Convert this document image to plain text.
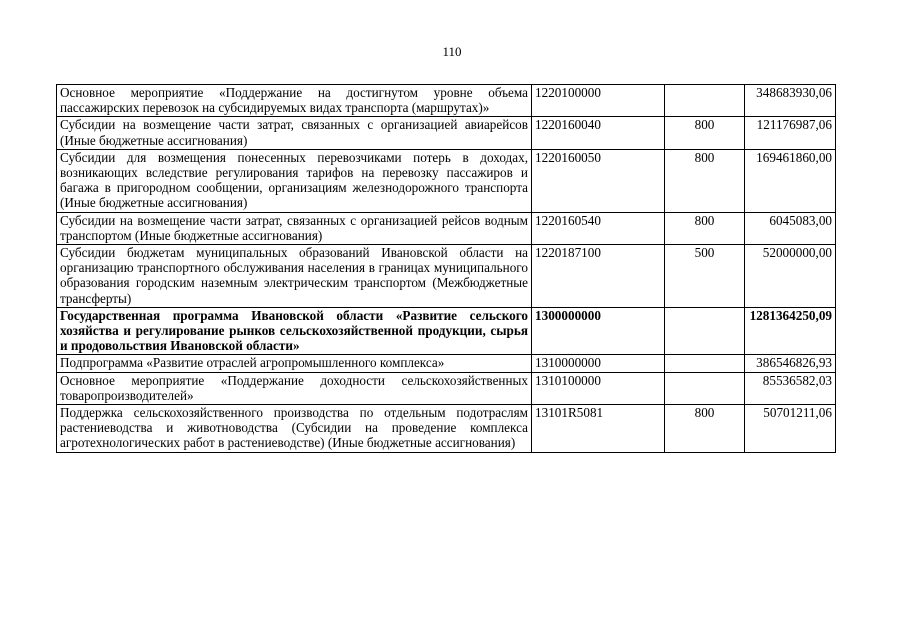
110
Основное мероприятие «Поддержание на достигнутом уровне объема пассажирских перевозок на субсидируемых видах транспорта (маршрутах)»	1220100000		348683930,06
Субсидии на возмещение части затрат, связанных с организацией авиарейсов (Иные бюджетные ассигнования)	1220160040	800	121176987,06
Субсидии для возмещения понесенных перевозчиками потерь в доходах, возникающих вследствие регулирования тарифов на перевозку пассажиров и багажа в пригородном сообщении, организациям железнодорожного транспорта (Иные бюджетные ассигнования)	1220160050	800	169461860,00
Субсидии на возмещение части затрат, связанных с организацией рейсов водным транспортом (Иные бюджетные ассигнования)	1220160540	800	6045083,00
Субсидии бюджетам муниципальных образований Ивановской области на организацию транспортного обслуживания населения в границах муниципального образования городским наземным электрическим транспортом (Межбюджетные трансферты)	1220187100	500	52000000,00
Государственная программа Ивановской области «Развитие сельского хозяйства и регулирование рынков сельскохозяйственной продукции, сырья и продовольствия Ивановской области»	1300000000		1281364250,09
Подпрограмма «Развитие отраслей агропромышленного комплекса»	1310000000		386546826,93
Основное мероприятие «Поддержание доходности сельскохозяйственных товаропроизводителей»	1310100000		85536582,03
Поддержка сельскохозяйственного производства по отдельным подотраслям растениеводства и животноводства (Субсидии на проведение комплекса агротехнологических работ в растениеводстве) (Иные бюджетные ассигнования)	13101R5081	800	50701211,06
